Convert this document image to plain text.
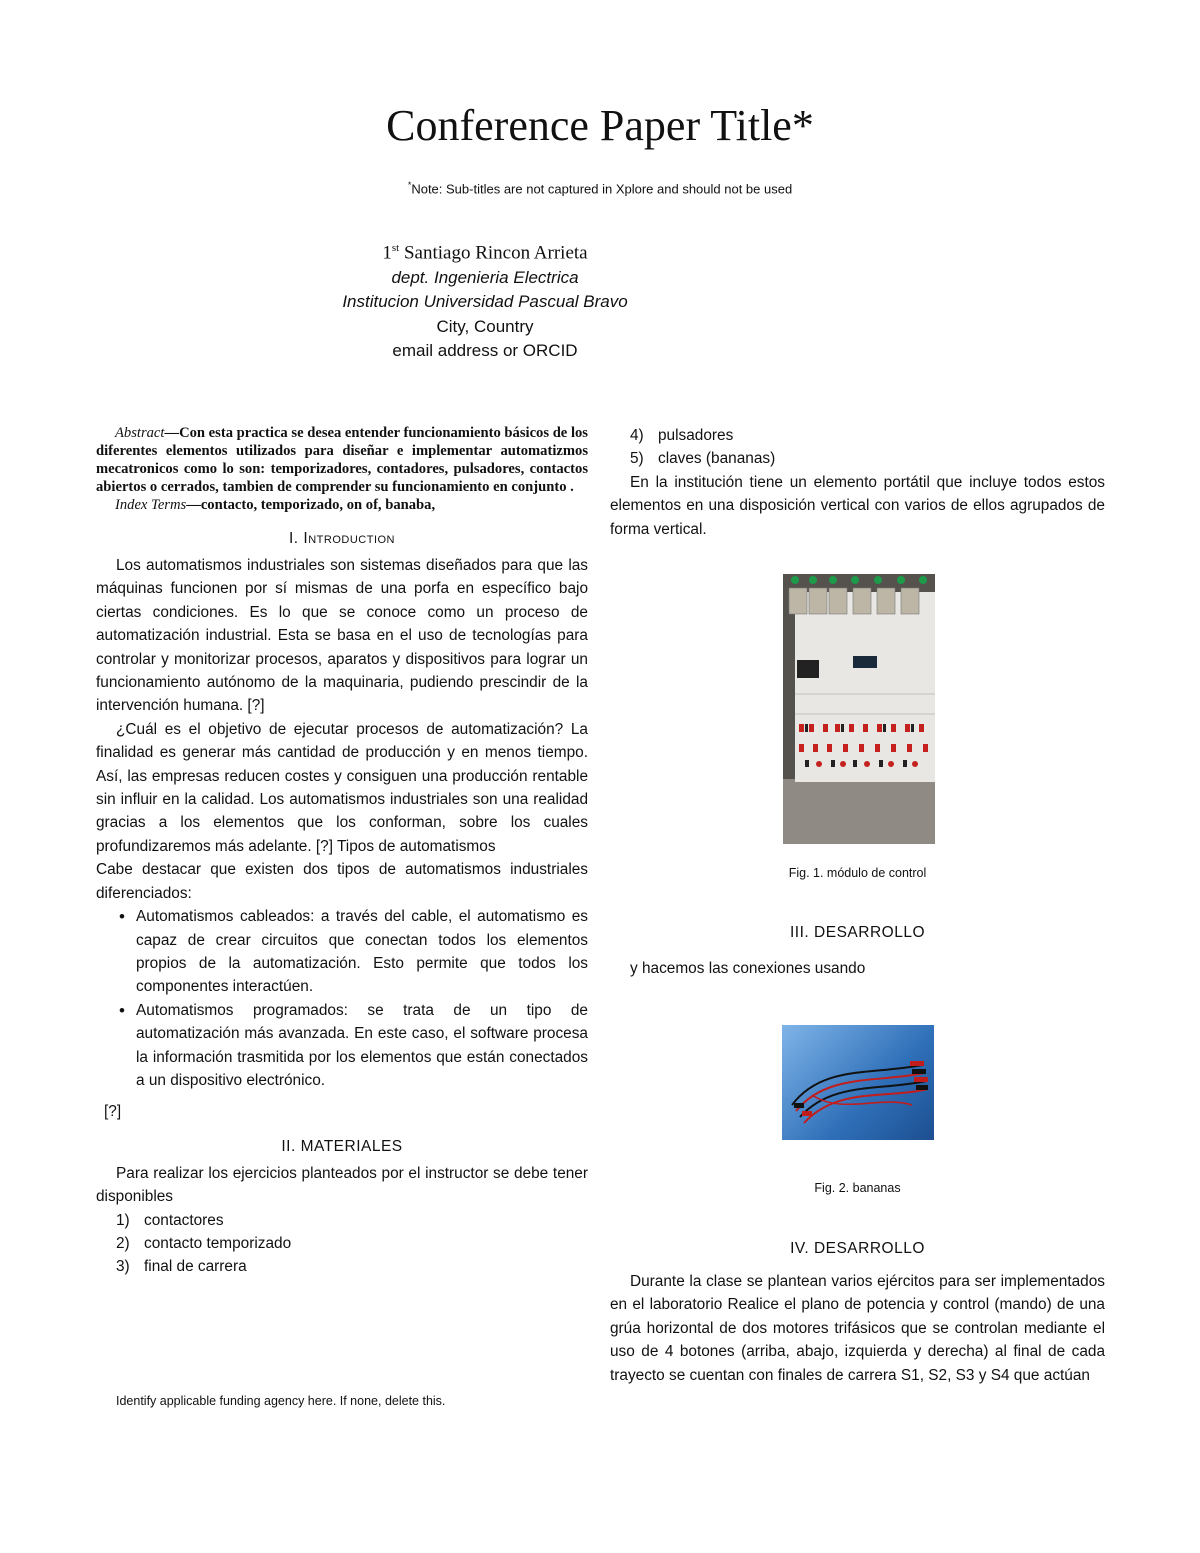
Conference Paper Title*
*Note: Sub-titles are not captured in Xplore and should not be used
1st Santiago Rincon Arrieta
dept. Ingenieria Electrica
Institucion Universidad Pascual Bravo
City, Country
email address or ORCID

Abstract—Con esta practica se desea entender funcionamiento básicos de los diferentes elementos utilizados para diseñar e implementar automatizmos mecatronicos como lo son: temporizadores, contadores, pulsadores, contactos abiertos o cerrados, tambien de comprender su funcionamiento en conjunto .

Index Terms—contacto, temporizado, on of, banaba,

I. Introduction

Los automatismos industriales son sistemas diseñados para que las máquinas funcionen por sí mismas de una porfa en específico bajo ciertas condiciones. Es lo que se conoce como un proceso de automatización industrial. Esta se basa en el uso de tecnologías para controlar y monitorizar procesos, aparatos y dispositivos para lograr un funcionamiento autónomo de la maquinaria, pudiendo prescindir de la intervención humana. [?]

¿Cuál es el objetivo de ejecutar procesos de automatización? La finalidad es generar más cantidad de producción y en menos tiempo. Así, las empresas reducen costes y consiguen una producción rentable sin influir en la calidad. Los automatismos industriales son una realidad gracias a los elementos que los conforman, sobre los cuales profundizaremos más adelante. [?] Tipos de automatismos

Cabe destacar que existen dos tipos de automatismos industriales diferenciados:

• Automatismos cableados: a través del cable, el automatismo es capaz de crear circuitos que conectan todos los elementos propios de la automatización. Esto permite que todos los componentes interactúen.
• Automatismos programados: se trata de un tipo de automatización más avanzada. En este caso, el software procesa la información trasmitida por los elementos que están conectados a un dispositivo electrónico.

[?]

II. MATERIALES

Para realizar los ejercicios planteados por el instructor se debe tener disponibles

1) contactores
2) contacto temporizado
3) final de carrera
Identify applicable funding agency here. If none, delete this.
4) pulsadores
5) claves (bananas)

En la institución tiene un elemento portátil que incluye todos estos elementos en una disposición vertical con varios de ellos agrupados de forma vertical.

Fig. 1. módulo de control

III. DESARROLLO

y hacemos las conexiones usando

Fig. 2. bananas

IV. DESARROLLO

Durante la clase se plantean varios ejércitos para ser implementados en el laboratorio Realice el plano de potencia y control (mando) de una grúa horizontal de dos motores trifásicos que se controlan mediante el uso de 4 botones (arriba, abajo, izquierda y derecha) al final de cada trayecto se cuentan con finales de carrera S1, S2, S3 y S4 que actúan
